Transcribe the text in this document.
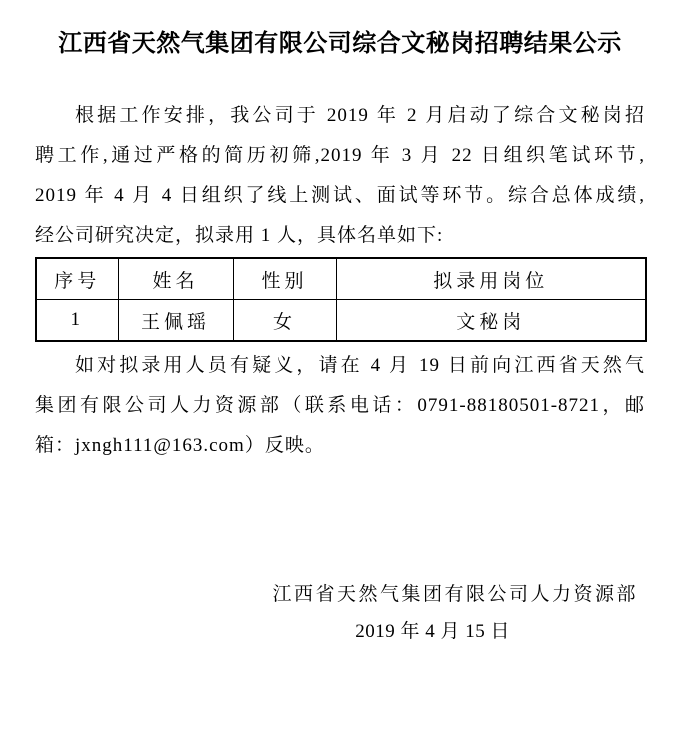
江西省天然气集团有限公司综合文秘岗招聘结果公示
根据工作安排，我公司于 2019 年 2 月启动了综合文秘岗招
聘工作,通过严格的简历初筛,2019 年 3 月 22 日组织笔试环节,
2019 年 4 月 4 日组织了线上测试、面试等环节。综合总体成绩,
经公司研究决定，拟录用 1 人，具体名单如下:
序号	姓名	性别	拟录用岗位
1	王佩瑶	女	文秘岗
如对拟录用人员有疑义，请在 4 月 19 日前向江西省天然气
集团有限公司人力资源部（联系电话：0791-88180501-8721，邮
箱：jxngh111@163.com）反映。
江西省天然气集团有限公司人力资源部
2019 年 4 月 15 日
